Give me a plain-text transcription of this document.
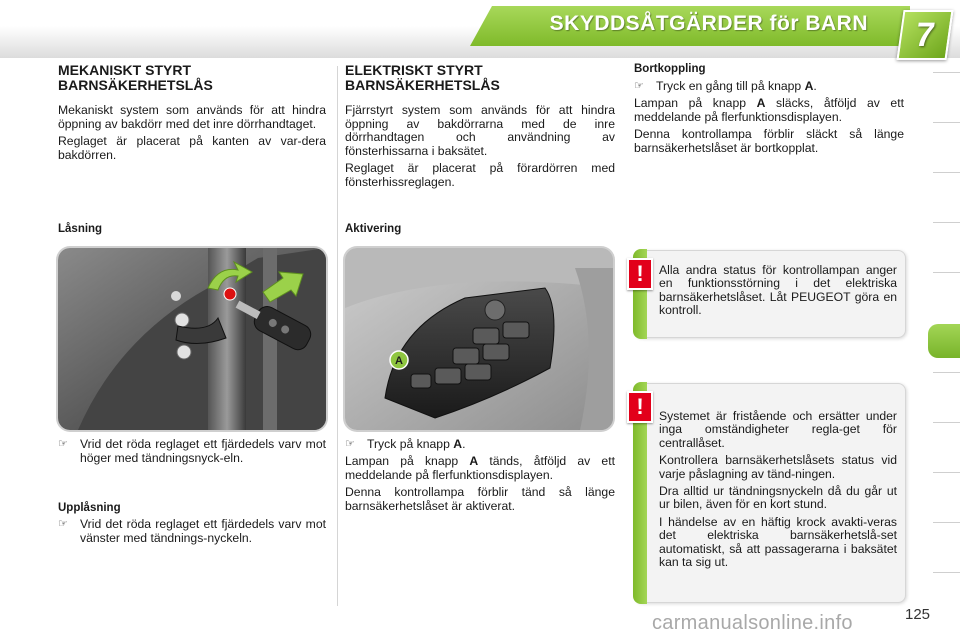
SKYDDSÅTGÄRDER för BARN	7
MEKANISKT STYRT
BARNSÄKERHETSLÅS

Mekaniskt system som används för att hindra öppning av bakdörr med det inre dörrhandtaget.

Reglaget är placerat på kanten av var-dera bakdörren.

Låsning
☞ Vrid det röda reglaget ett fjärdedels varv mot höger med tändningsnyck-eln.
Upplåsning
☞ Vrid det röda reglaget ett fjärdedels varv mot vänster med tändnings-nyckeln.
ELEKTRISKT STYRT
BARNSÄKERHETSLÅS

Fjärrstyrt system som används för att hindra öppning av bakdörrarna med de inre dörrhandtagen och användning av fönsterhissarna i baksätet.

Reglaget är placerat på förardörren med fönsterhissreglagen.

Aktivering
A
☞ Tryck på knapp A.

Lampan på knapp A tänds, åtföljd av ett meddelande på flerfunktionsdisplayen.

Denna kontrollampa förblir tänd så länge barnsäkerhetslåset är aktiverat.

Bortkoppling
☞ Tryck en gång till på knapp A.

Lampan på knapp A släcks, åtföljd av ett meddelande på flerfunktionsdisplayen.

Denna kontrollampa förblir släckt så länge barnsäkerhetslåset är bortkopplat.

!	Alla andra status för kontrollampan anger en funktionsstörning i det elektriska barnsäkerhetslåset. Låt PEUGEOT göra en kontroll.
!	Systemet är fristående och ersätter under inga omständigheter regla-get för centrallåset.

Kontrollera barnsäkerhetslåsets status vid varje påslagning av tänd-ningen.

Dra alltid ur tändningsnyckeln då du går ut ur bilen, även för en kort stund.

I händelse av en häftig krock avakti-veras det elektriska barnsäkerhetslå-set automatiskt, så att passagerarna i baksätet kan ta sig ut.

carmanualsonline.info	125
